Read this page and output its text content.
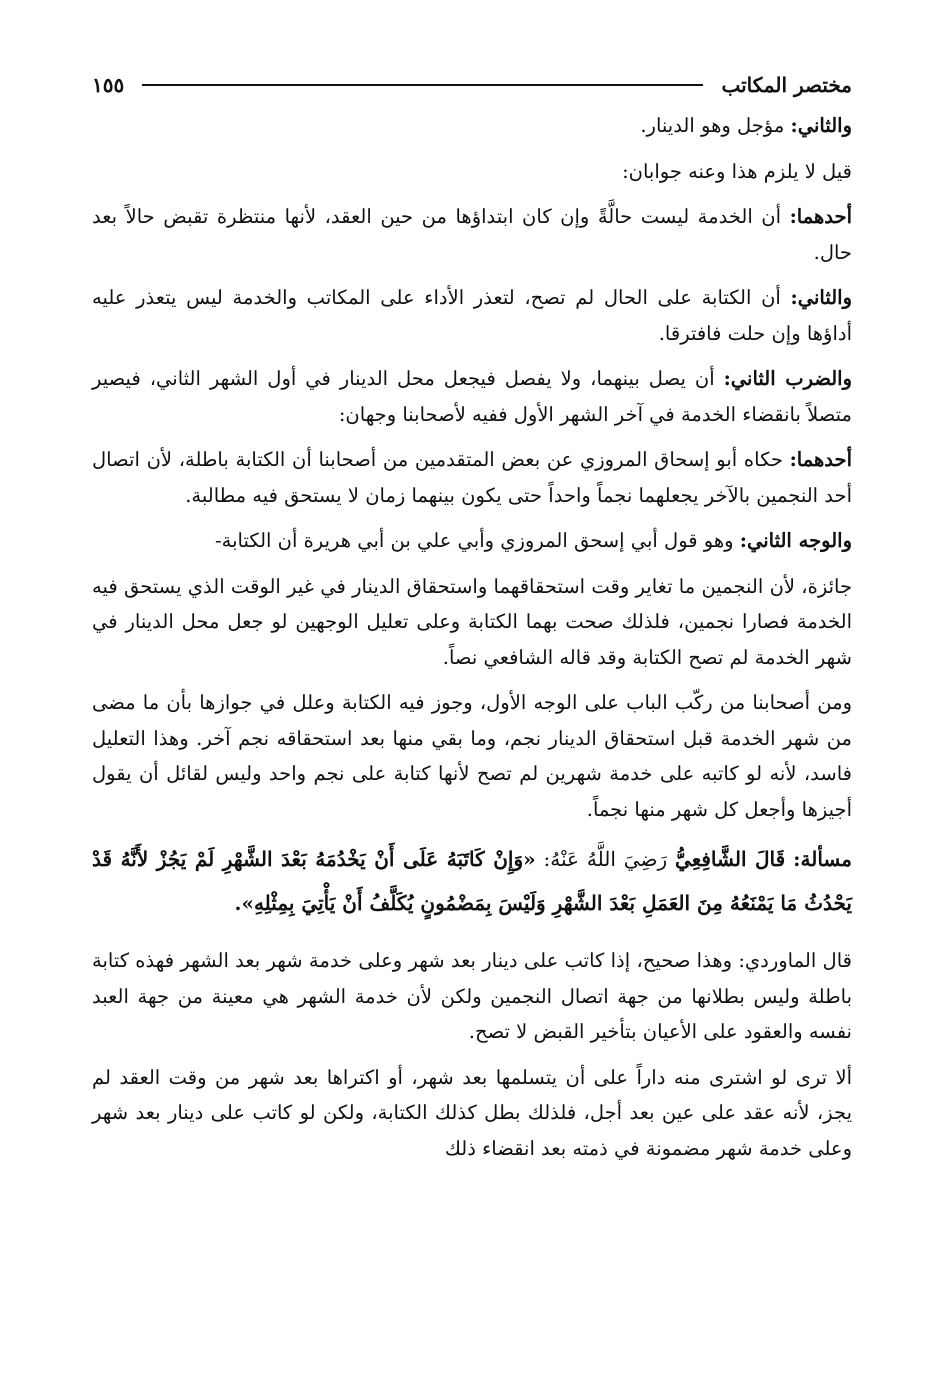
مختصر المكاتب
١٥٥

والثاني: مؤجل وهو الدينار.

قيل لا يلزم هذا وعنه جوابان:

أحدهما: أن الخدمة ليست حالَّةً وإن كان ابتداؤها من حين العقد، لأنها منتظرة تقبض حالاً بعد حال.

والثاني: أن الكتابة على الحال لم تصح، لتعذر الأداء على المكاتب والخدمة ليس يتعذر عليه أداؤها وإن حلت فافترقا.

والضرب الثاني: أن يصل بينهما، ولا يفصل فيجعل محل الدينار في أول الشهر الثاني، فيصير متصلاً بانقضاء الخدمة في آخر الشهر الأول ففيه لأصحابنا وجهان:

أحدهما: حكاه أبو إسحاق المروزي عن بعض المتقدمين من أصحابنا أن الكتابة باطلة، لأن اتصال أحد النجمين بالآخر يجعلهما نجماً واحداً حتى يكون بينهما زمان لا يستحق فيه مطالبة.

والوجه الثاني: وهو قول أبي إسحق المروزي وأبي علي بن أبي هريرة أن الكتابة-

جائزة، لأن النجمين ما تغاير وقت استحقاقهما واستحقاق الدينار في غير الوقت الذي يستحق فيه الخدمة فصارا نجمين، فلذلك صحت بهما الكتابة وعلى تعليل الوجهين لو جعل محل الدينار في شهر الخدمة لم تصح الكتابة وقد قاله الشافعي نصاً.

ومن أصحابنا من ركّب الباب على الوجه الأول، وجوز فيه الكتابة وعلل في جوازها بأن ما مضى من شهر الخدمة قبل استحقاق الدينار نجم، وما بقي منها بعد استحقاقه نجم آخر. وهذا التعليل فاسد، لأنه لو كاتبه على خدمة شهرين لم تصح لأنها كتابة على نجم واحد وليس لقائل أن يقول أجيزها وأجعل كل شهر منها نجماً.

مسألة: قَالَ الشَّافِعِيُّ رَضِيَ اللَّهُ عَنْهُ: «وَإِنْ كَاتَبَهُ عَلَى أَنْ يَخْدُمَهُ بَعْدَ الشَّهْرِ لَمْ يَجُزْ لأَنَّهُ قَدْ يَحْدُثُ مَا يَمْنَعُهُ مِنَ العَمَلِ بَعْدَ الشَّهْرِ وَلَيْسَ بِمَضْمُونٍ يُكَلَّفُ أَنْ يَأْتِيَ بِمِثْلِهِ».

قال الماوردي: وهذا صحيح، إذا كاتب على دينار بعد شهر وعلى خدمة شهر بعد الشهر فهذه كتابة باطلة وليس بطلانها من جهة اتصال النجمين ولكن لأن خدمة الشهر هي معينة من جهة العبد نفسه والعقود على الأعيان بتأخير القبض لا تصح.

ألا ترى لو اشترى منه داراً على أن يتسلمها بعد شهر، أو اكتراها بعد شهر من وقت العقد لم يجز، لأنه عقد على عين بعد أجل، فلذلك بطل كذلك الكتابة، ولكن لو كاتب على دينار بعد شهر وعلى خدمة شهر مضمونة في ذمته بعد انقضاء ذلك
